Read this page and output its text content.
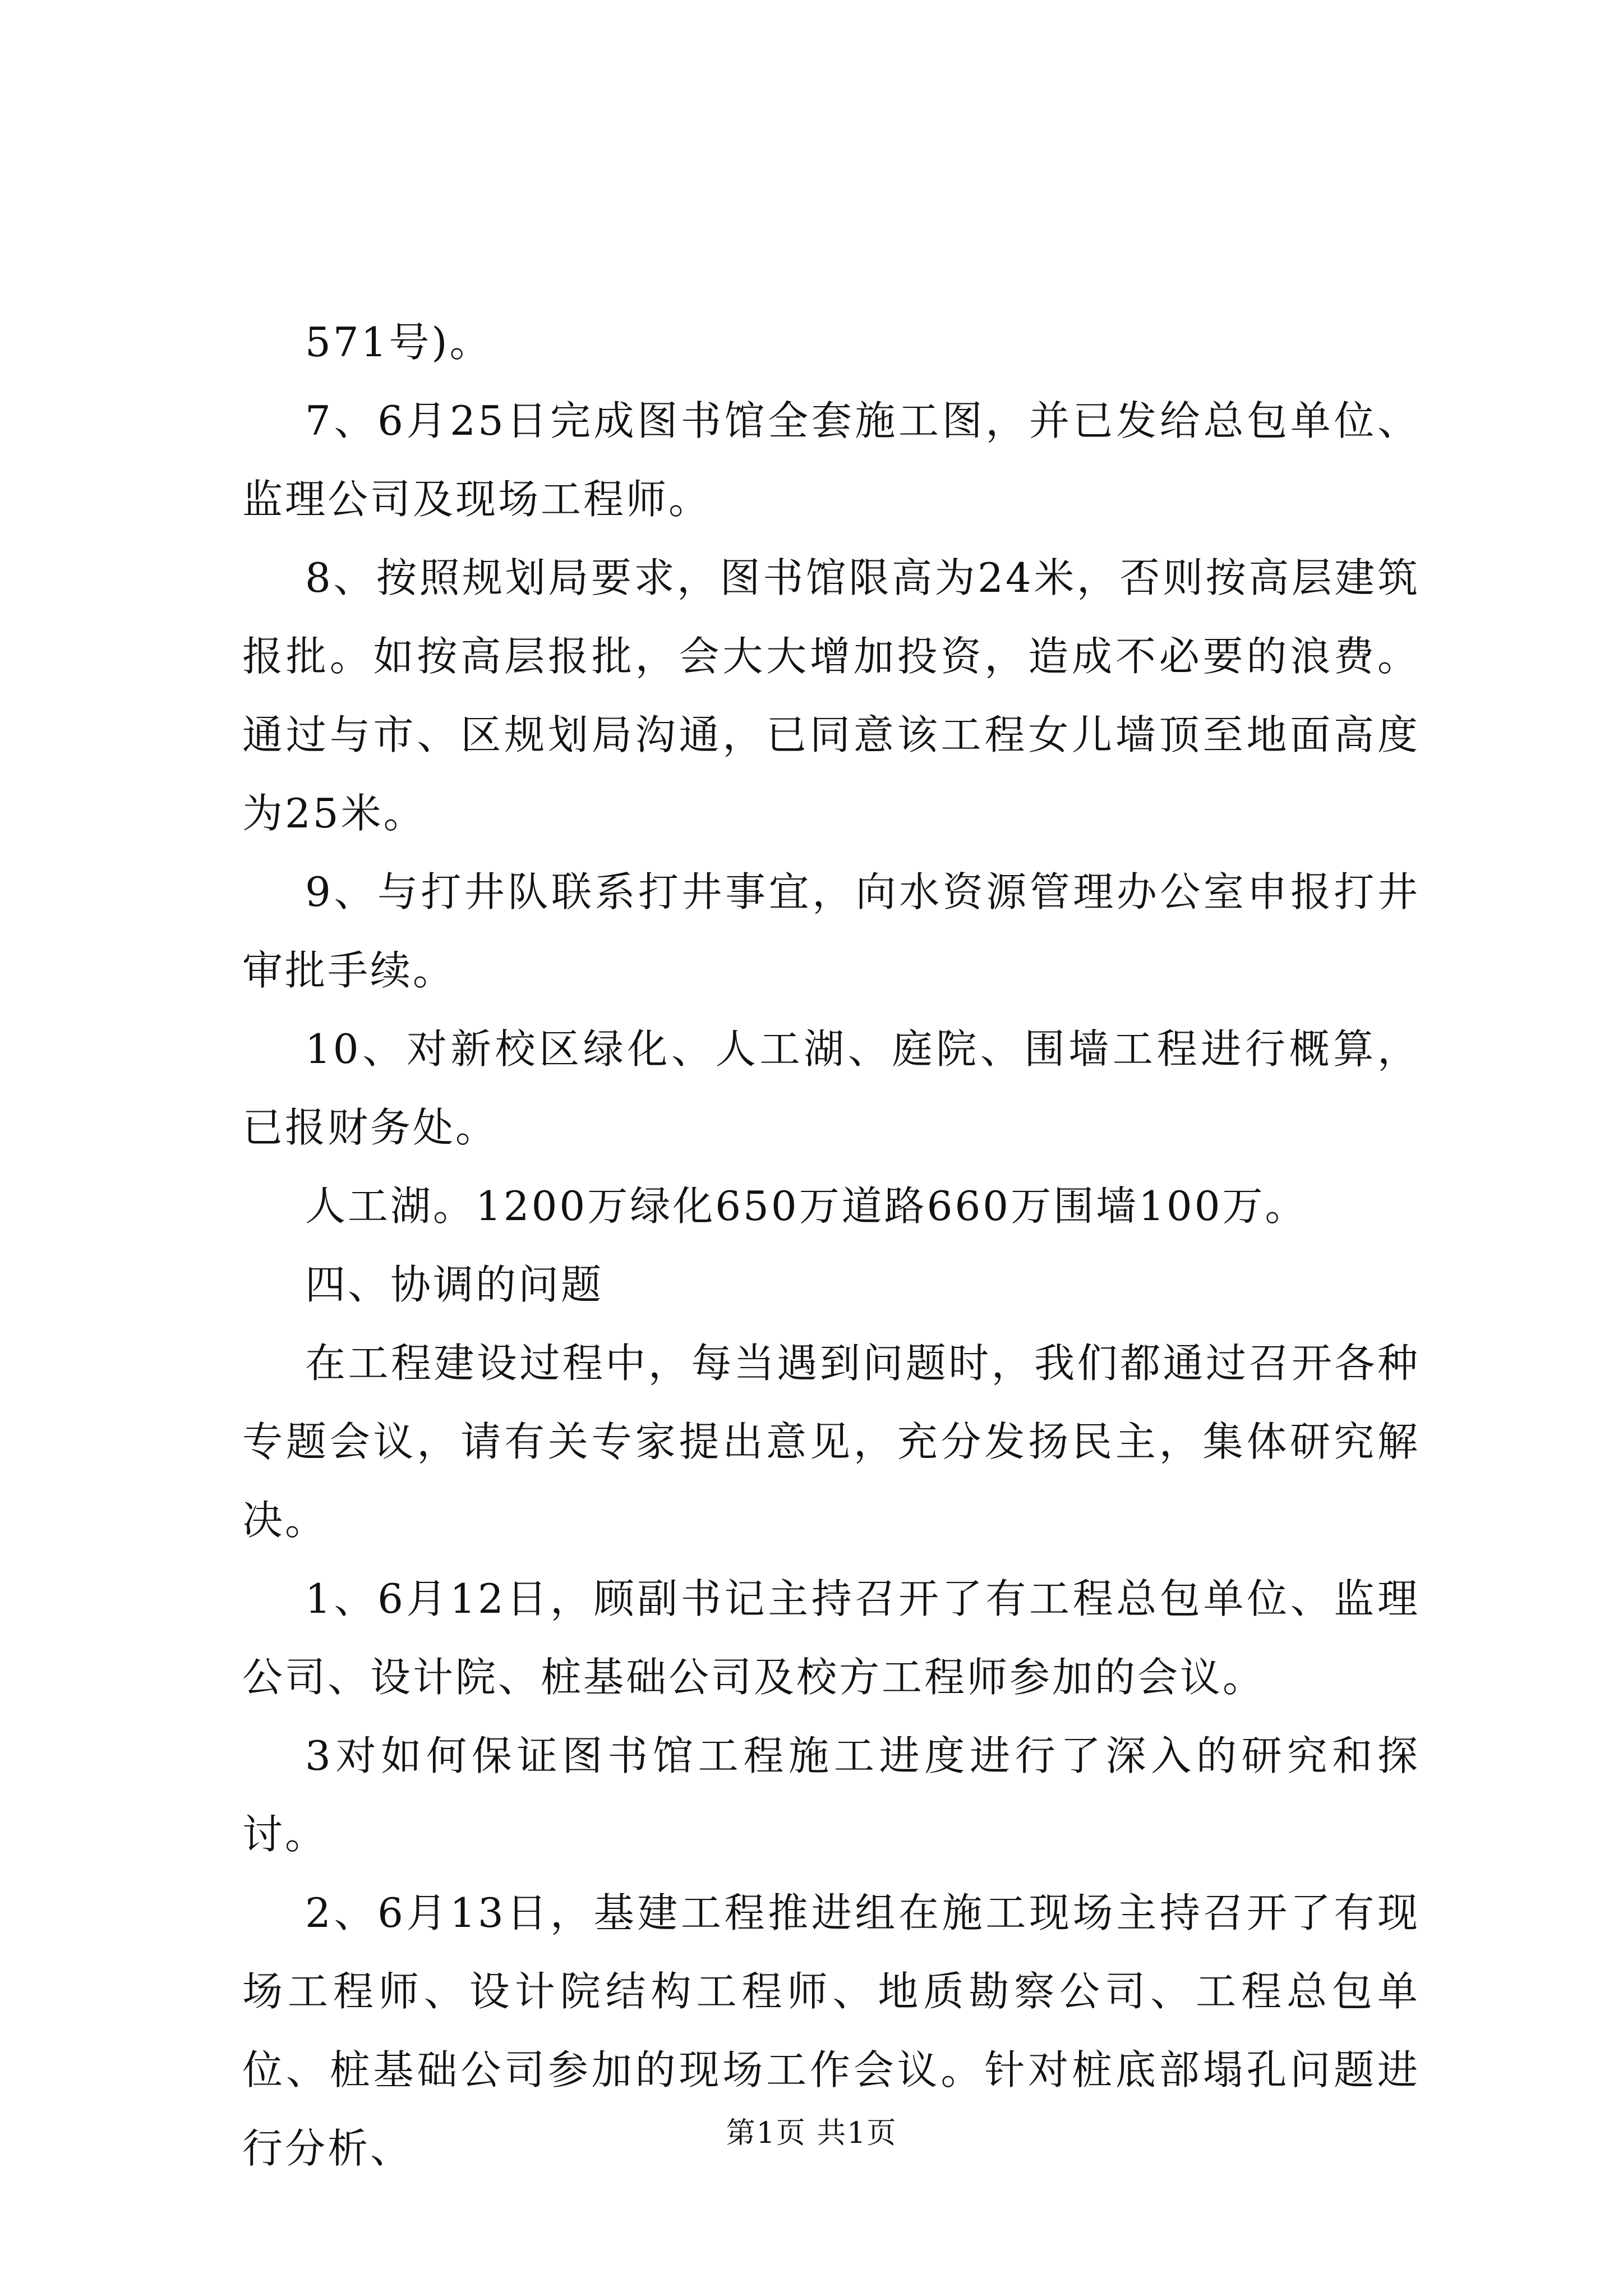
571号)。

7、6月25日完成图书馆全套施工图，并已发给总包单位、监理公司及现场工程师。

8、按照规划局要求，图书馆限高为24米，否则按高层建筑报批。如按高层报批，会大大增加投资，造成不必要的浪费。通过与市、区规划局沟通，已同意该工程女儿墙顶至地面高度为25米。

9、与打井队联系打井事宜，向水资源管理办公室申报打井审批手续。

10、对新校区绿化、人工湖、庭院、围墙工程进行概算，已报财务处。

人工湖。1200万绿化650万道路660万围墙100万。

四、协调的问题

在工程建设过程中，每当遇到问题时，我们都通过召开各种专题会议，请有关专家提出意见，充分发扬民主，集体研究解决。

1、6月12日，顾副书记主持召开了有工程总包单位、监理公司、设计院、桩基础公司及校方工程师参加的会议。

3对如何保证图书馆工程施工进度进行了深入的研究和探讨。

2、6月13日，基建工程推进组在施工现场主持召开了有现场工程师、设计院结构工程师、地质勘察公司、工程总包单位、桩基础公司参加的现场工作会议。针对桩底部塌孔问题进行分析、	第1页 共1页
